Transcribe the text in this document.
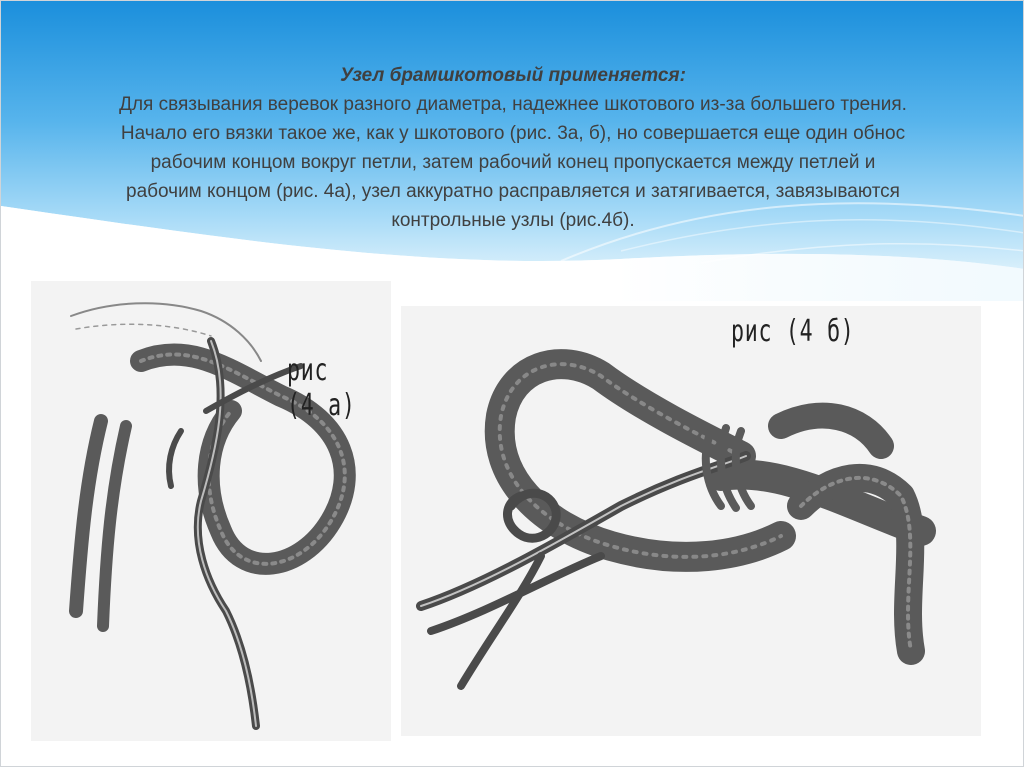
Узел брамшкотовый применяется:
Для связывания веревок разного диаметра, надежнее шкотового из-за большего трения.
Начало его вязки такое же, как у шкотового (рис. 3а, б), но совершается еще один обнос
рабочим концом вокруг петли, затем рабочий конец пропускается между петлей и
рабочим концом (рис. 4а), узел аккуратно расправляется и затягивается, завязываются
контрольные узлы (рис.4б).
рис (4 а)
рис (4 б)
